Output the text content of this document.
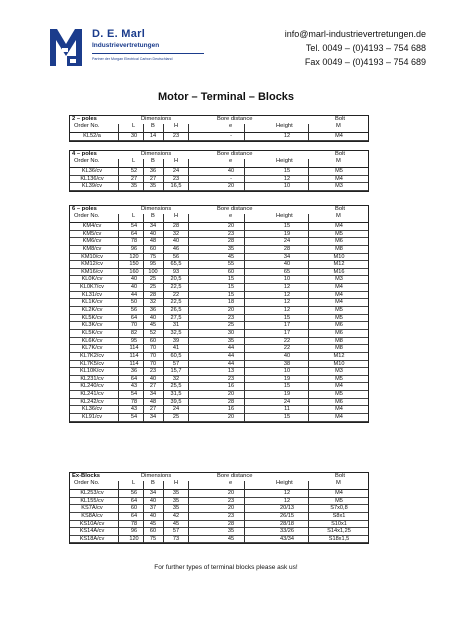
D. E. Marl
Industrievertretungen
Partner der Morgan Electrical Carbon Deutschland
info@marl-industrievertretungen.de
Tel. 0049 – (0)4193 – 754 688
Fax 0049 – (0)4193 – 754 689
Motor – Terminal – Blocks
2 – poles	Dimensions	Bore distance	Bolt
Order No.	L	B	H	e	Height	M
KL52/a	30	14	23	-	12	M4
4 – poles	Dimensions	Bore distance	Bolt
Order No.	L	B	H	e	Height	M
KL36/cv	52	36	24	40	15	M5
KL136/cv	27	27	23	-	12	M4
KL39/cv	35	35	16,5	20	10	M3
6 – poles	Dimensions	Bore distance	Bolt
Order No.	L	B	H	e	Height	M
KM4/cv	54	34	28	20	15	M4
KM5/cv	64	40	32	23	19	M5
KM6/cv	78	48	40	28	24	M6
KM8/cv	96	60	46	35	28	M8
KM10/cv	120	75	56	45	34	M10
KM12/cv	150	95	65,5	55	40	M12
KM16/cv	160	100	93	60	65	M16
KL0K/cv	40	25	20,5	15	10	M3
KL0K7/cv	40	25	22,5	15	12	M4
KL31/cv	44	28	22	15	12	M4
KL1K/cv	50	32	22,5	18	12	M4
KL2K/cv	56	36	26,5	20	12	M5
KL5K/cv	64	40	27,5	23	15	M5
KL3K/cv	70	45	31	25	17	M6
KL5K/cv	82	52	32,5	30	17	M6
KL6K/cv	95	60	39	35	22	M8
KL7K/cv	114	70	41	44	22	M8
KL7K2/cv	114	70	60,5	44	40	M12
KL7K5/cv	114	70	57	44	38	M10
KL10K/cv	36	23	15,7	13	10	M3
KL231/cv	64	40	32	23	19	M5
KL240/cv	43	27	25,5	16	15	M4
KL241/cv	54	34	31,5	20	19	M5
KL242/cv	78	48	39,5	28	24	M6
KL36/cv	43	27	24	16	11	M4
KL91/cv	54	34	25	20	15	M4
Ex-Blocks	Dimensions	Bore distance	Bolt
Order No.	L	B	H	e	Height	M
KL253/cv	56	34	35	20	12	M4
KL155/cv	64	40	35	23	12	M5
KS7A/cv	60	37	35	20	20/13	S7x0,8
KS8A/cv	64	40	42	23	26/15	S8x1
KS10A/cv	78	45	45	28	28/18	S10x1
KS14A/cv	96	60	57	35	33/26	S14x1,25
KS18A/cv	120	75	73	45	43/34	S18x1,5
For further types of terminal blocks please ask us!
